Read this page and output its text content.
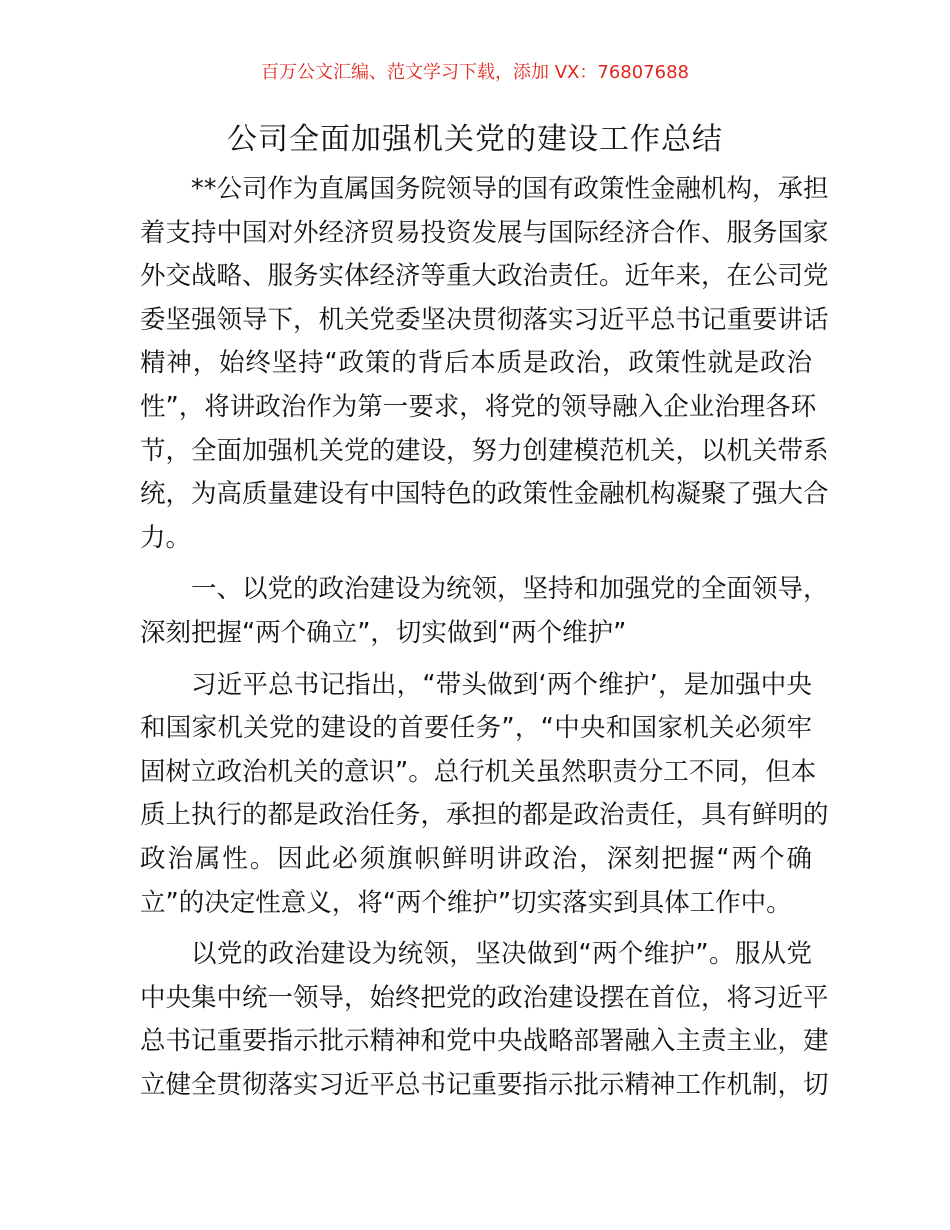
百万公文汇编、范文学习下载，添加 VX：76807688
公司全面加强机关党的建设工作总结
**公司作为直属国务院领导的国有政策性金融机构，承担
着支持中国对外经济贸易投资发展与国际经济合作、服务国家
外交战略、服务实体经济等重大政治责任。近年来，在公司党
委坚强领导下，机关党委坚决贯彻落实习近平总书记重要讲话
精神，始终坚持“政策的背后本质是政治，政策性就是政治
性”，将讲政治作为第一要求，将党的领导融入企业治理各环
节，全面加强机关党的建设，努力创建模范机关，以机关带系
统，为高质量建设有中国特色的政策性金融机构凝聚了强大合
力。
一、以党的政治建设为统领，坚持和加强党的全面领导，
深刻把握“两个确立”，切实做到“两个维护”
习近平总书记指出，“带头做到‘两个维护’，是加强中央
和国家机关党的建设的首要任务”，“中央和国家机关必须牢
固树立政治机关的意识”。总行机关虽然职责分工不同，但本
质上执行的都是政治任务，承担的都是政治责任，具有鲜明的
政治属性。因此必须旗帜鲜明讲政治，深刻把握“两个确
立”的决定性意义，将“两个维护”切实落实到具体工作中。
以党的政治建设为统领，坚决做到“两个维护”。服从党
中央集中统一领导，始终把党的政治建设摆在首位，将习近平
总书记重要指示批示精神和党中央战略部署融入主责主业，建
立健全贯彻落实习近平总书记重要指示批示精神工作机制，切
